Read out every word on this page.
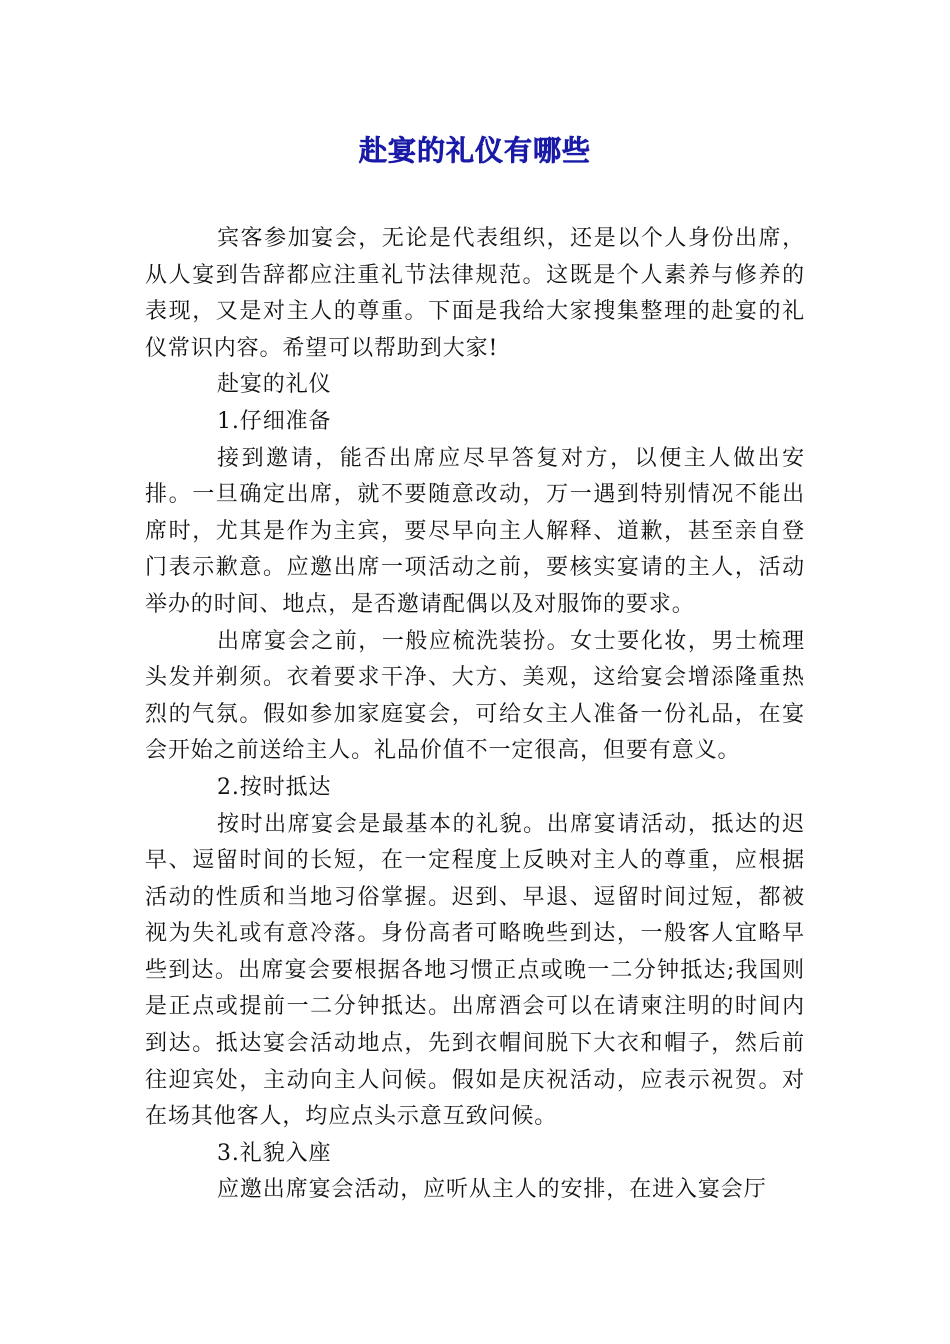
赴宴的礼仪有哪些

宾客参加宴会，无论是代表组织，还是以个人身份出席，从人宴到告辞都应注重礼节法律规范。这既是个人素养与修养的表现，又是对主人的尊重。下面是我给大家搜集整理的赴宴的礼仪常识内容。希望可以帮助到大家!

赴宴的礼仪

1.仔细准备

接到邀请，能否出席应尽早答复对方，以便主人做出安排。一旦确定出席，就不要随意改动，万一遇到特别情况不能出席时，尤其是作为主宾，要尽早向主人解释、道歉，甚至亲自登门表示歉意。应邀出席一项活动之前，要核实宴请的主人，活动举办的时间、地点，是否邀请配偶以及对服饰的要求。

出席宴会之前，一般应梳洗装扮。女士要化妆，男士梳理头发并剃须。衣着要求干净、大方、美观，这给宴会增添隆重热烈的气氛。假如参加家庭宴会，可给女主人准备一份礼品，在宴会开始之前送给主人。礼品价值不一定很高，但要有意义。

2.按时抵达

按时出席宴会是最基本的礼貌。出席宴请活动，抵达的迟早、逗留时间的长短，在一定程度上反映对主人的尊重，应根据活动的性质和当地习俗掌握。迟到、早退、逗留时间过短，都被视为失礼或有意冷落。身份高者可略晚些到达，一般客人宜略早些到达。出席宴会要根据各地习惯正点或晚一二分钟抵达;我国则是正点或提前一二分钟抵达。出席酒会可以在请柬注明的时间内到达。抵达宴会活动地点，先到衣帽间脱下大衣和帽子，然后前往迎宾处，主动向主人问候。假如是庆祝活动，应表示祝贺。对在场其他客人，均应点头示意互致问候。

3.礼貌入座

应邀出席宴会活动，应听从主人的安排，在进入宴会厅
